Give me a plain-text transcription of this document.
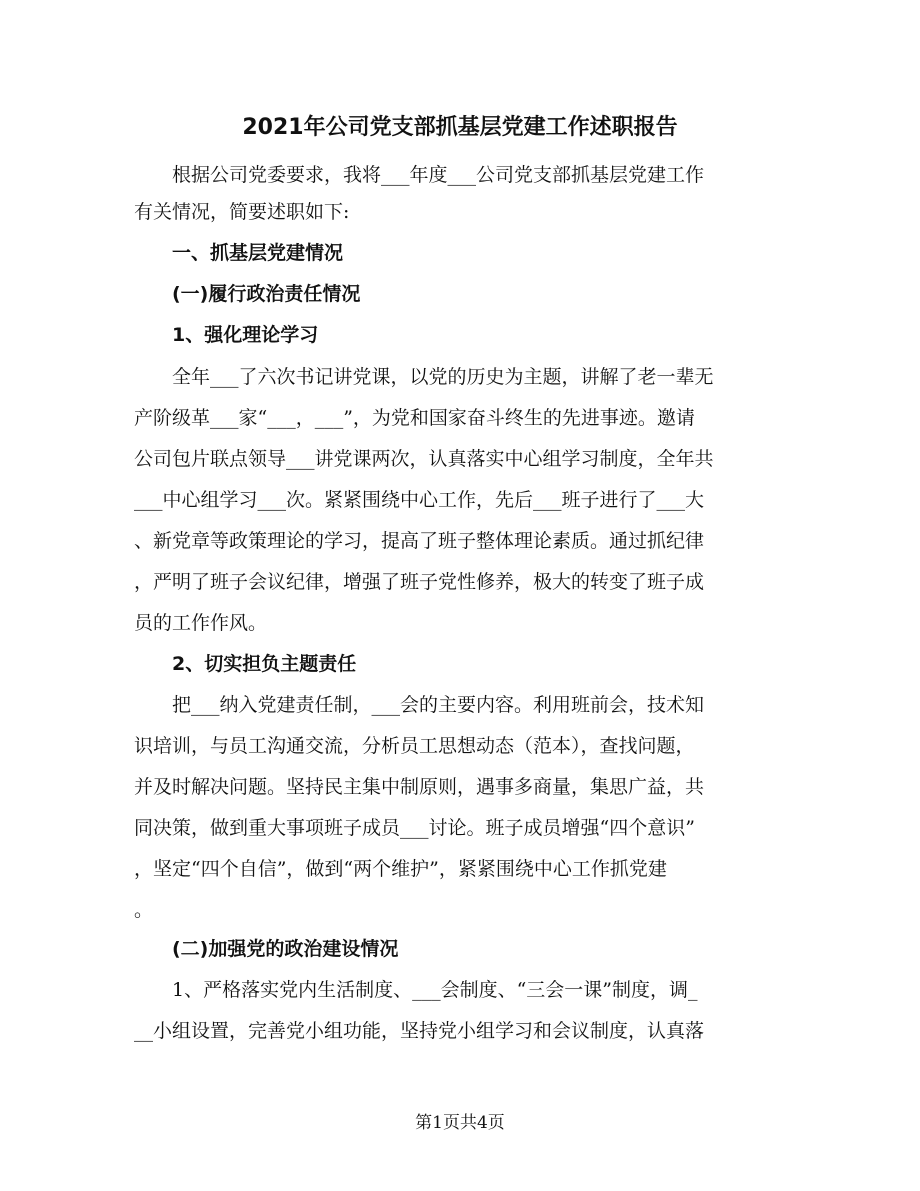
2021年公司党支部抓基层党建工作述职报告
　　根据公司党委要求，我将___年度___公司党支部抓基层党建工作
有关情况，简要述职如下:
　　一、抓基层党建情况
　　(一)履行政治责任情况
　　1、强化理论学习
　　全年___了六次书记讲党课，以党的历史为主题，讲解了老一辈无
产阶级革___家“___，___”，为党和国家奋斗终生的先进事迹。邀请
公司包片联点领导___讲党课两次，认真落实中心组学习制度，全年共
___中心组学习___次。紧紧围绕中心工作，先后___班子进行了___大
、新党章等政策理论的学习，提高了班子整体理论素质。通过抓纪律
，严明了班子会议纪律，增强了班子党性修养，极大的转变了班子成
员的工作作风。
　　2、切实担负主题责任
　　把___纳入党建责任制，___会的主要内容。利用班前会，技术知
识培训，与员工沟通交流，分析员工思想动态（范本），查找问题，
并及时解决问题。坚持民主集中制原则，遇事多商量，集思广益，共
同决策，做到重大事项班子成员___讨论。班子成员增强“四个意识”
，坚定“四个自信”，做到“两个维护”，紧紧围绕中心工作抓党建
。
　　(二)加强党的政治建设情况
　　1、严格落实党内生活制度、___会制度、“三会一课”制度，调_
__小组设置，完善党小组功能，坚持党小组学习和会议制度，认真落
第1页共4页
